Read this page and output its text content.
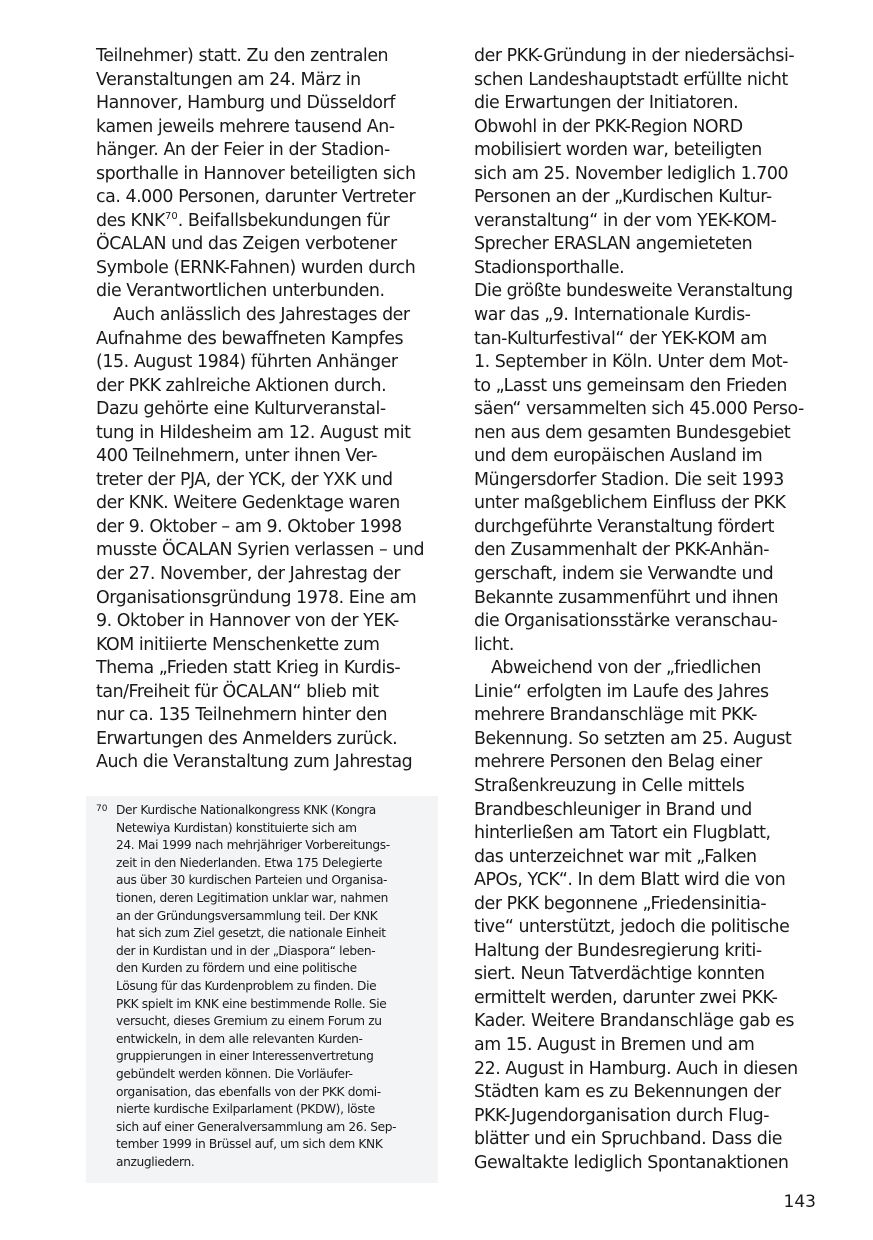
Teilnehmer) statt. Zu den zentralen
Veranstaltungen am 24. März in
Hannover, Hamburg und Düsseldorf
kamen jeweils mehrere tausend An-
hänger. An der Feier in der Stadion-
sporthalle in Hannover beteiligten sich
ca. 4.000 Personen, darunter Vertreter
des KNK$^{70}$. Beifallsbekundungen für
ÖCALAN und das Zeigen verbotener
Symbole (ERNK-Fahnen) wurden durch
die Verantwortlichen unterbunden.
 Auch anlässlich des Jahrestages der
Aufnahme des bewaffneten Kampfes
(15. August 1984) führten Anhänger
der PKK zahlreiche Aktionen durch.
Dazu gehörte eine Kulturveranstal-
tung in Hildesheim am 12. August mit
400 Teilnehmern, unter ihnen Ver-
treter der PJA, der YCK, der YXK und
der KNK. Weitere Gedenktage waren
der 9. Oktober – am 9. Oktober 1998
musste ÖCALAN Syrien verlassen – und
der 27. November, der Jahrestag der
Organisationsgründung 1978. Eine am
9. Oktober in Hannover von der YEK-
KOM initiierte Menschenkette zum
Thema „Frieden statt Krieg in Kurdis-
tan/Freiheit für ÖCALAN“ blieb mit
nur ca. 135 Teilnehmern hinter den
Erwartungen des Anmelders zurück.
Auch die Veranstaltung zum Jahrestag
70 Der Kurdische Nationalkongress KNK (Kongra
Netewiya Kurdistan) konstituierte sich am
24. Mai 1999 nach mehrjähriger Vorbereitungs-
zeit in den Niederlanden. Etwa 175 Delegierte
aus über 30 kurdischen Parteien und Organisa-
tionen, deren Legitimation unklar war, nahmen
an der Gründungsversammlung teil. Der KNK
hat sich zum Ziel gesetzt, die nationale Einheit
der in Kurdistan und in der „Diaspora“ leben-
den Kurden zu fördern und eine politische
Lösung für das Kurdenproblem zu finden. Die
PKK spielt im KNK eine bestimmende Rolle. Sie
versucht, dieses Gremium zu einem Forum zu
entwickeln, in dem alle relevanten Kurden-
gruppierungen in einer Interessenvertretung
gebündelt werden können. Die Vorläufer-
organisation, das ebenfalls von der PKK domi-
nierte kurdische Exilparlament (PKDW), löste
sich auf einer Generalversammlung am 26. Sep-
tember 1999 in Brüssel auf, um sich dem KNK
anzugliedern.
der PKK-Gründung in der niedersächsi-
schen Landeshauptstadt erfüllte nicht
die Erwartungen der Initiatoren.
Obwohl in der PKK-Region NORD
mobilisiert worden war, beteiligten
sich am 25. November lediglich 1.700
Personen an der „Kurdischen Kultur-
veranstaltung“ in der vom YEK-KOM-
Sprecher ERASLAN angemieteten
Stadionsporthalle.
Die größte bundesweite Veranstaltung
war das „9. Internationale Kurdis-
tan-Kulturfestival“ der YEK-KOM am
1. September in Köln. Unter dem Mot-
to „Lasst uns gemeinsam den Frieden
säen“ versammelten sich 45.000 Perso-
nen aus dem gesamten Bundesgebiet
und dem europäischen Ausland im
Müngersdorfer Stadion. Die seit 1993
unter maßgeblichem Einfluss der PKK
durchgeführte Veranstaltung fördert
den Zusammenhalt der PKK-Anhän-
gerschaft, indem sie Verwandte und
Bekannte zusammenführt und ihnen
die Organisationsstärke veranschau-
licht.
 Abweichend von der „friedlichen
Linie“ erfolgten im Laufe des Jahres
mehrere Brandanschläge mit PKK-
Bekennung. So setzten am 25. August
mehrere Personen den Belag einer
Straßenkreuzung in Celle mittels
Brandbeschleuniger in Brand und
hinterließen am Tatort ein Flugblatt,
das unterzeichnet war mit „Falken
APOs, YCK“. In dem Blatt wird die von
der PKK begonnene „Friedensinitia-
tive“ unterstützt, jedoch die politische
Haltung der Bundesregierung kriti-
siert. Neun Tatverdächtige konnten
ermittelt werden, darunter zwei PKK-
Kader. Weitere Brandanschläge gab es
am 15. August in Bremen und am
22. August in Hamburg. Auch in diesen
Städten kam es zu Bekennungen der
PKK-Jugendorganisation durch Flug-
blätter und ein Spruchband. Dass die
Gewaltakte lediglich Spontanaktionen
143
